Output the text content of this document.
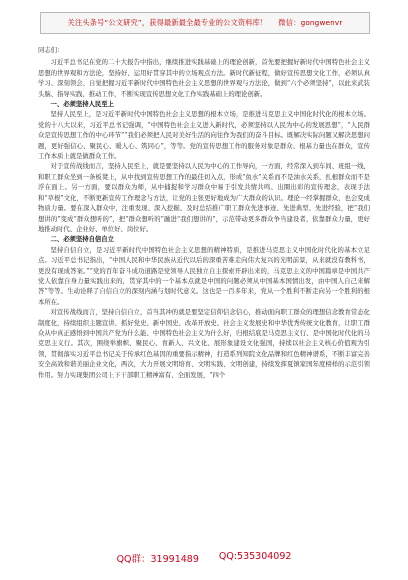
关注头条号“公文研究”，获得最新最全最专业的公文资料库！
微信：gongwenvr

同志们：

习近平总书记在党的二十大报告中指出，继续推进实践基础上的理论创新，首先要把握好新时代中国特色社会主义思想的世界观和方法论，坚持好、运用好贯穿其中的立场观点方法。新时代新征程，做好宣传思想文化工作，必须认真学习、深刻领会、自觉把握习近平新时代中国特色社会主义思想的世界观与方法论，做到“六个必须坚持”，以此来武装头脑、指导实践、推动工作，不断实现宣传思想文化工作实践基础上的理论创新。

一、必须坚持人民至上

坚持人民至上，是习近平新时代中国特色社会主义思想的根本立场，是推进马克思主义中国化时代化的根本立场。党的十八大以来，习近平总书记强调，“中国特色社会主义进入新时代，必须坚持以人民为中心的发展思想”，“人民群众是宣传思想工作的中心环节”“我们必须把人民对美好生活的向往作为我们的奋斗目标。既解决实际问题又解决思想问题，更好强信心、聚民心、暖人心、筑同心”，等等。党的宣传思想工作的服务对象是群众、根基力量也在群众，宣传工作本质上就是做群众工作。

对于宣传战线而言，坚持人民至上，就是要坚持以人民为中心的工作导向，一方面，经常深入到车间、班组一线，和职工群众坐到一条板凳上，从中找到宣传思想工作的最佳切入点，形成“鱼水”关系而不是油水关系，扎根群众而不是浮在面上。另一方面，要以群众为师，从中捕捉和学习群众中易于引发共情共鸣、出圈出彩的宣传理念，表现手法和“草根”文化，不断更新宣传工作理念与方法，让党的主张更好地成为广大群众的认识。理论一经掌握群众，也会变成物质力量。要在深入群众中，注重发现、深入挖掘、及时总结推广职工群众先进事迹、先进典型、先进经验，把“我们想讲的”变成“群众想听的”，把“群众想听的”融进“我们想讲的”，示范带动更多群众争当建设者、依靠群众力量，更好地推动时代、企业好、单位好、岗位好。

二、必须坚持自信自立

坚持自信自立，是习近平新时代中国特色社会主义思想的精神特质，是推进马克思主义中国化时代化的基本立足点。习近平总书记指出，“中国人民和中华民族从近代以后的深重苦难走向伟大复兴的光明前景，从来就没有教科书，更没有现成答案。”“党的百年奋斗成功道路是党领导人民独立自主探索开辟出来的，马克思主义的中国篇章是中国共产党人依靠自身力量实践出来的，贯穿其中的一个基本点就是中国的问题必须从中国基本国情出发，由中国人自己来解答”等等。生动诠释了自信自立的深刻内涵与划时代意义。这也是一百多年来，党从一个胜利不断走向另一个胜利的根本所在。

对宣传战线而言，坚持自信自立，首当其冲的就是要坚定信仰信念信心，推动面向职工群众的理想信念教育常态化制度化，持续组织主题宣讲、抓好党史、新中国史、改革开放史、社会主义发展史和中华优秀传统文化教育，让职工群众从中真正感悟到中国共产党为什么能、中国特色社会主义为什么好，归根结底是马克思主义行、是中国化时代化的马克思主义行。其次，围绕举旗帜、聚民心、育新人、兴文化、展形象建设文化强国，持续以社会主义核心价值观为引领，贯彻落实习近平总书记关于传承红色基因的重要指示精神，打造系列知院文化品牌和红色精神谱系，不断丰富完善安全高效和谐美丽企业文化，两次，大力开展文明培育、文明实践、文明创建，持续发挥夏镇家国年度榜样的示范引领作用。努力实现集团公司上下干部职工精神富有、全面发展，“四个

QQ群：31991489 QQ:535304092
